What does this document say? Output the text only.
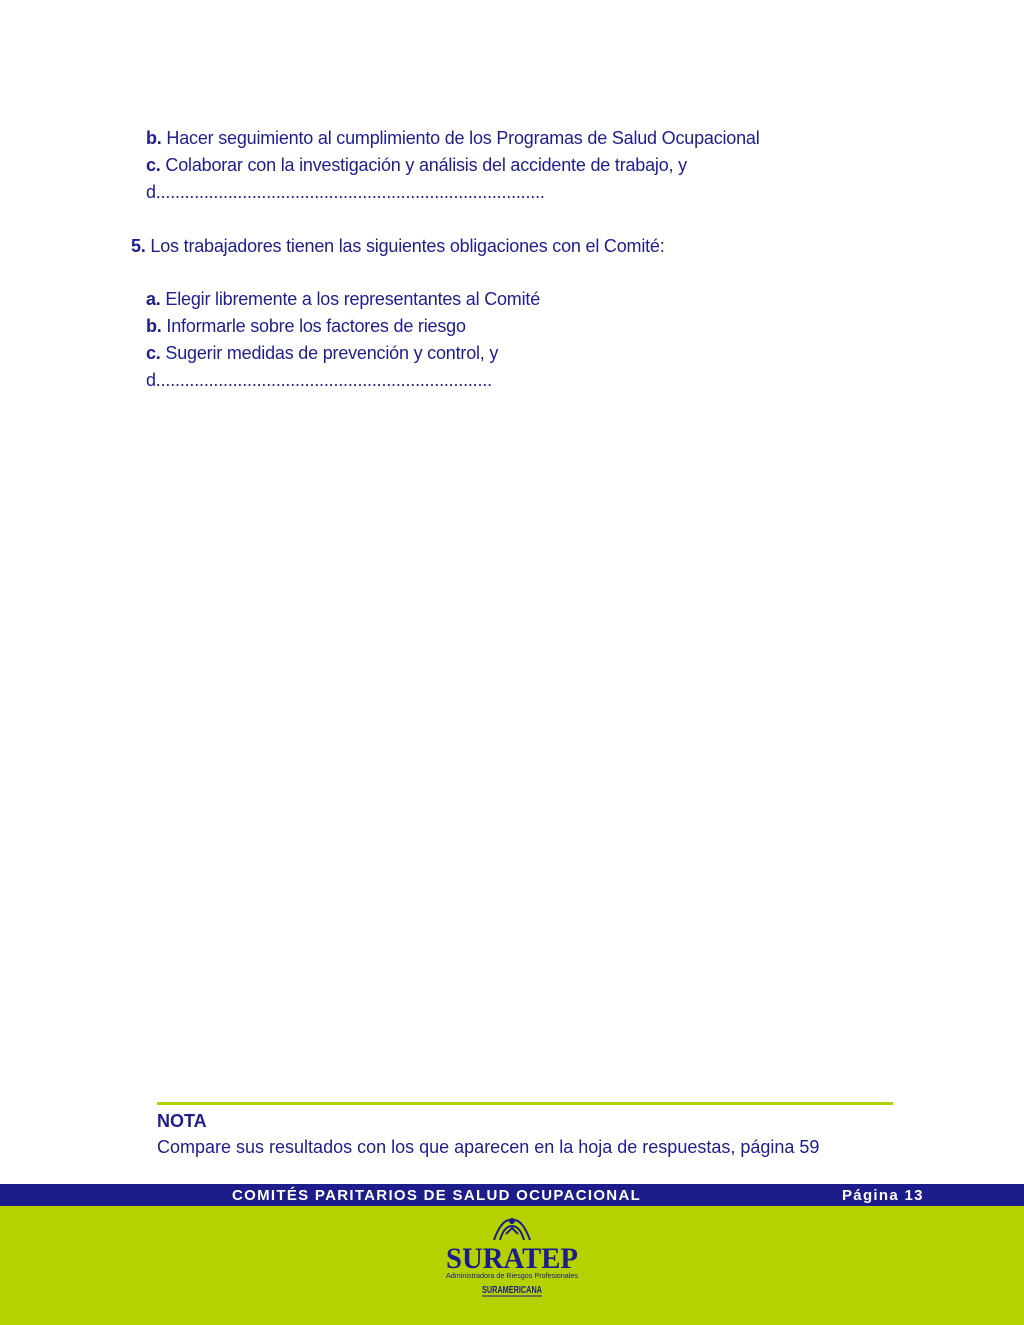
b. Hacer seguimiento al cumplimiento de los Programas de Salud Ocupacional
c. Colaborar con la investigación y análisis del accidente de trabajo, y
d.................................................................................
5. Los trabajadores tienen las siguientes obligaciones con el Comité:
a. Elegir libremente a los representantes al Comité
b. Informarle sobre los factores de riesgo
c. Sugerir medidas de prevención y control, y
d......................................................................
NOTA
Compare sus resultados con los que aparecen en la hoja de respuestas, página 59
COMITÉS PARITARIOS DE SALUD OCUPACIONAL	Página 13
SURATEP
Administradora de Riesgos Profesionales
SURAMERICANA
